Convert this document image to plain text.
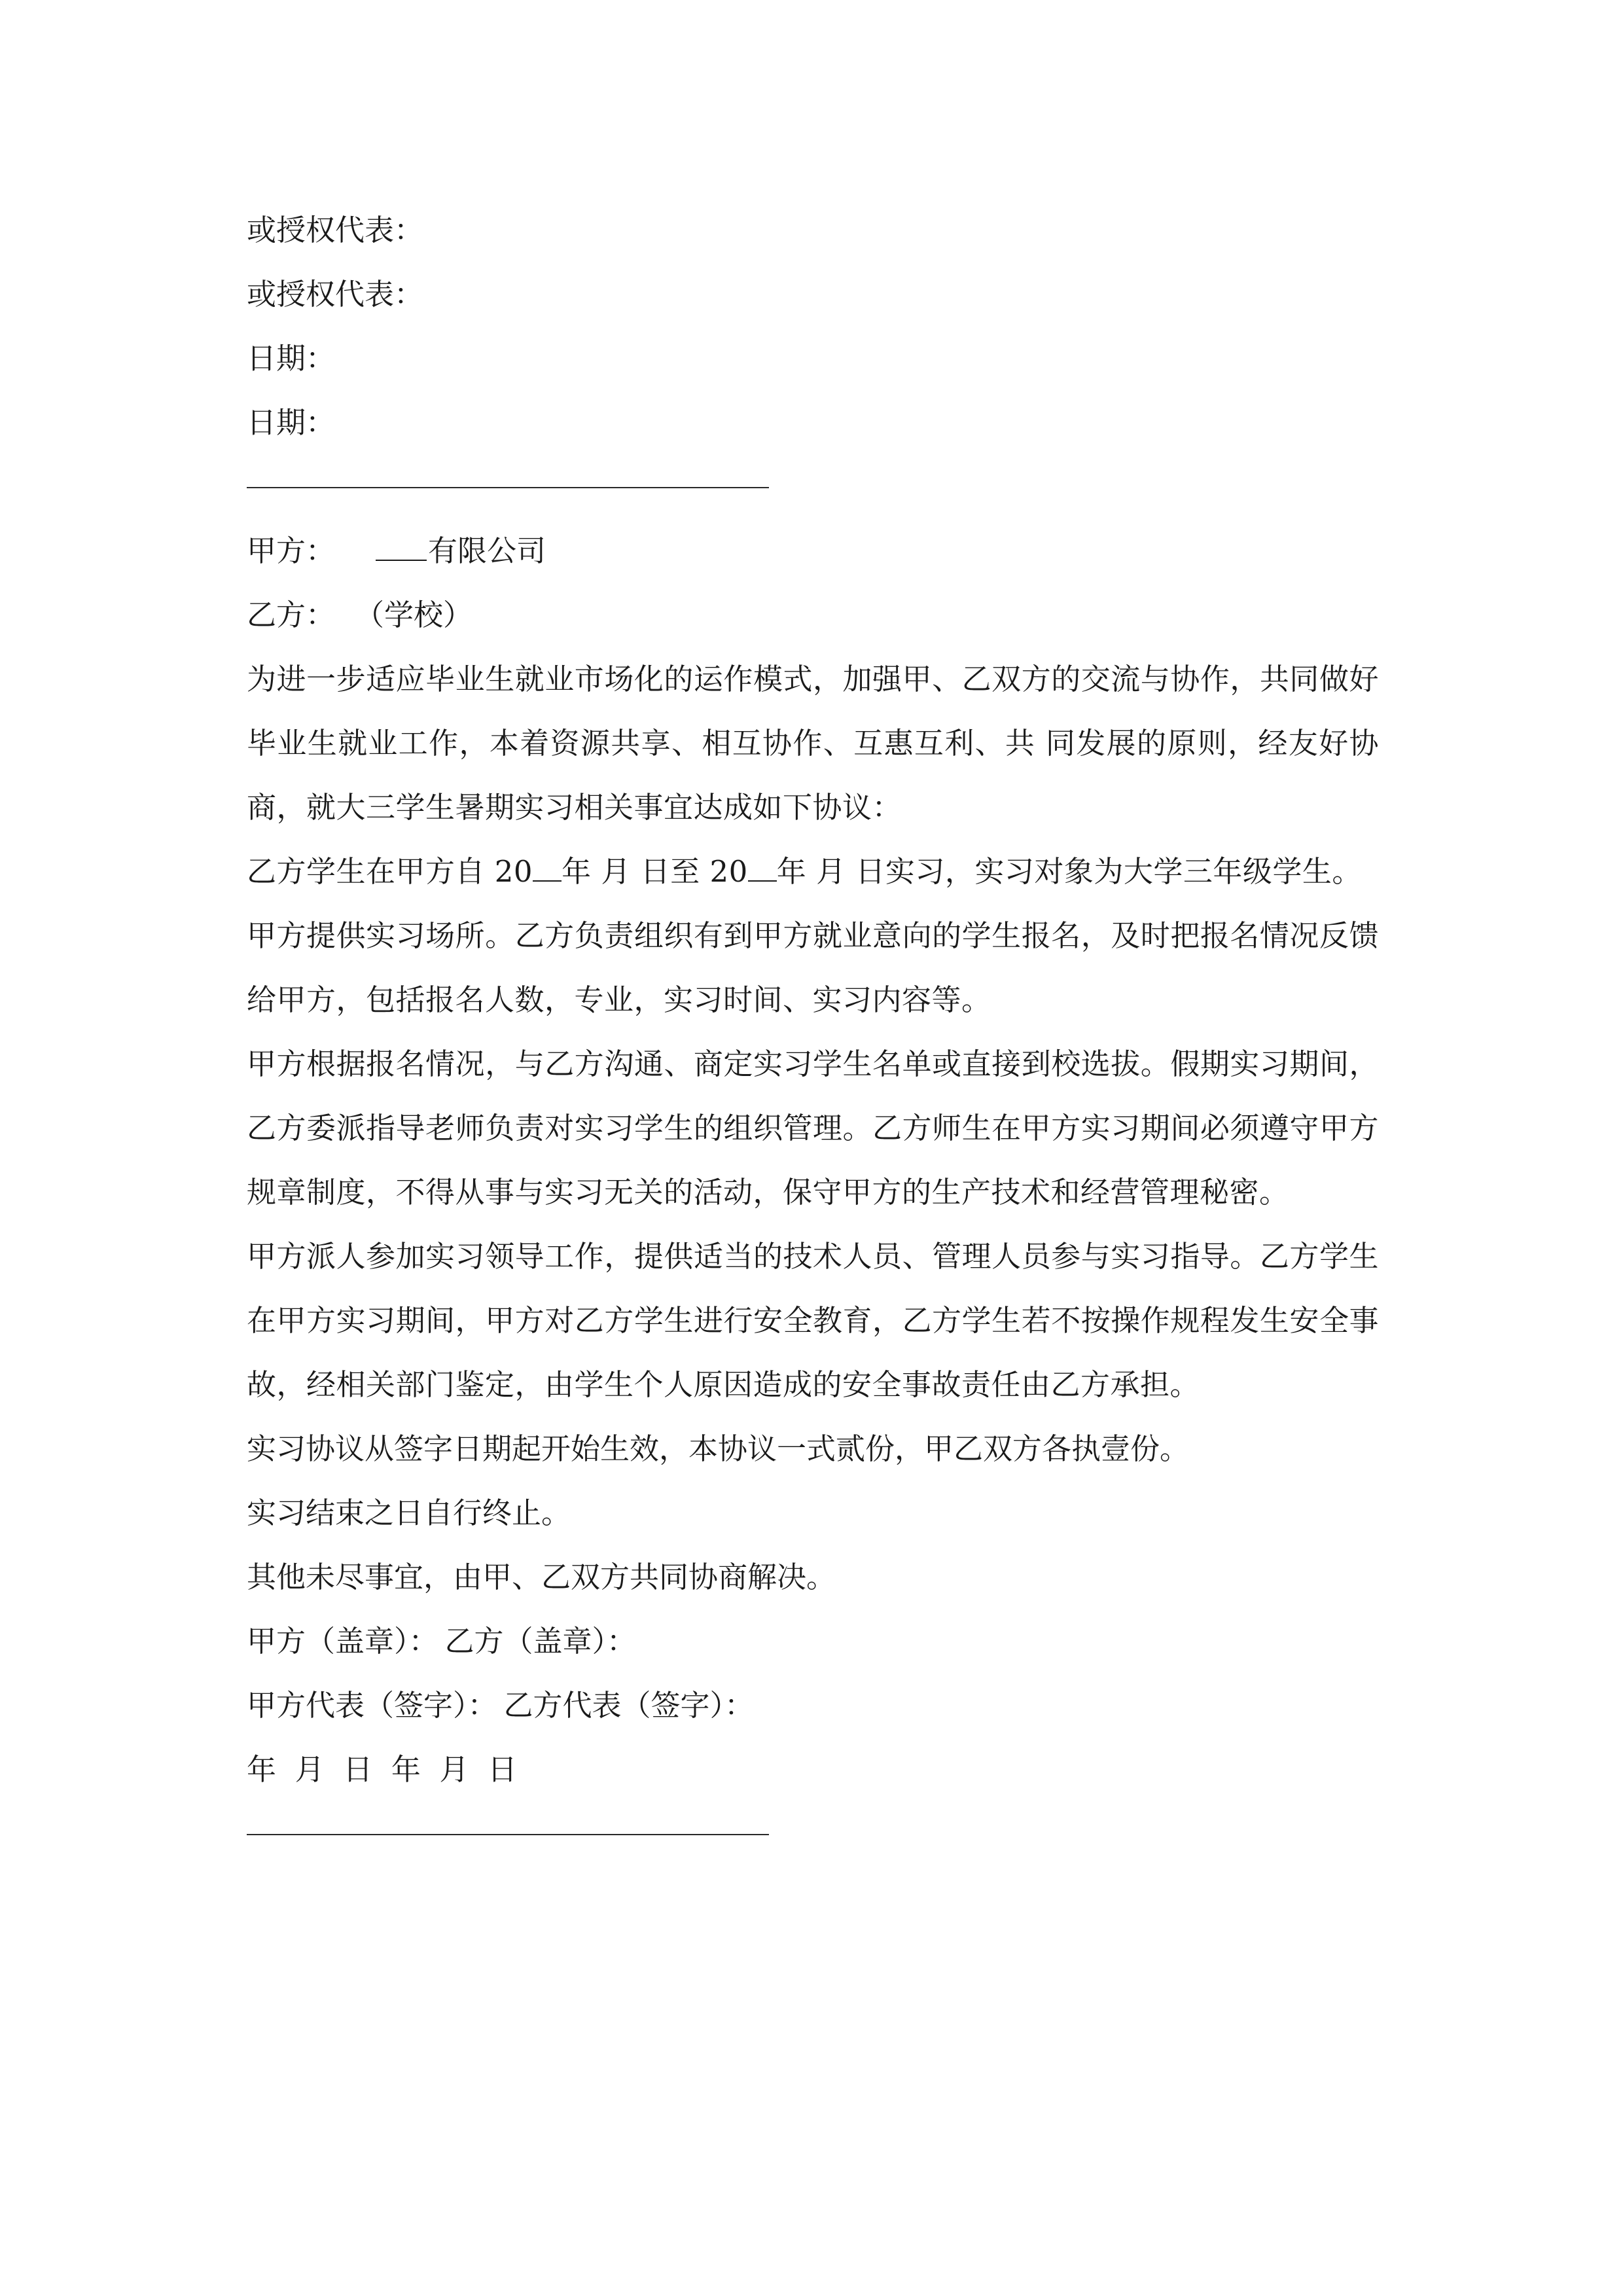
或授权代表：

或授权代表：

日期：

日期：

甲方：	有限公司

乙方： （学校）

为进一步适应毕业生就业市场化的运作模式，加强甲、乙双方的交流与协作，共同做好毕业生就业工作，本着资源共享、相互协作、互惠互利、共 同发展的原则，经友好协商，就大三学生暑期实习相关事宜达成如下协议：

乙方学生在甲方自 20 年 月 日至 20 年 月 日实习，实习对象为大学三年级学生。

甲方提供实习场所。乙方负责组织有到甲方就业意向的学生报名，及时把报名情况反馈给甲方，包括报名人数，专业，实习时间、实习内容等。

甲方根据报名情况，与乙方沟通、商定实习学生名单或直接到校选拔。假期实习期间，乙方委派指导老师负责对实习学生的组织管理。乙方师生在甲方实习期间必须遵守甲方规章制度，不得从事与实习无关的活动，保守甲方的生产技术和经营管理秘密。

甲方派人参加实习领导工作，提供适当的技术人员、管理人员参与实习指导。乙方学生在甲方实习期间，甲方对乙方学生进行安全教育，乙方学生若不按操作规程发生安全事故，经相关部门鉴定，由学生个人原因造成的安全事故责任由乙方承担。

实习协议从签字日期起开始生效，本协议一式贰份，甲乙双方各执壹份。

实习结束之日自行终止。

其他未尽事宜，由甲、乙双方共同协商解决。

甲方（盖章）： 乙方（盖章）：

甲方代表（签字）： 乙方代表（签字）：

年  月  日  年  月  日
